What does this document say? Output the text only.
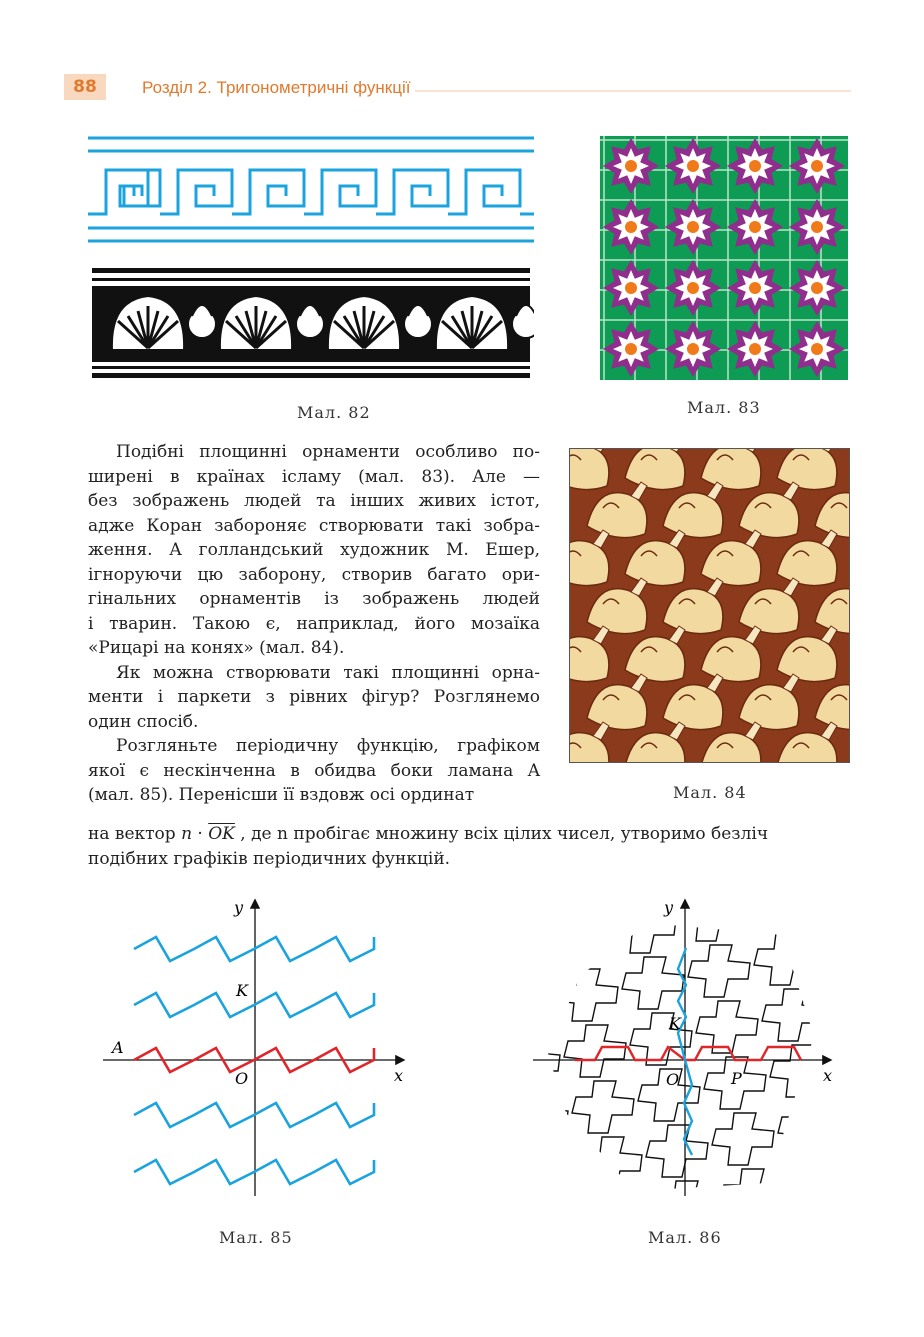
88	Розділ 2. Тригонометричні функції
Мал. 82	Мал. 83
Мал. 84
Подібні площинні орнаменти особливо по-
ширені в країнах ісламу (мал. 83). Але —
без зображень людей та інших живих істот,
адже Коран забороняє створювати такі зобра-
ження. А голландський художник М. Ешер,
ігноруючи цю заборону, створив багато ори-
гінальних орнаментів із зображень людей
і тварин. Такою є, наприклад, його мозаїка
«Рицарі на конях» (мал. 84).
Як можна створювати такі площинні орна-
менти і паркети з рівних фігур? Розглянемо
один спосіб.
Розгляньте періодичну функцію, графіком
якої є нескінченна в обидва боки ламана A
(мал. 85). Перенісши її вздовж осі ординат
на вектор $n \cdot \overline{OK}$ , де n пробігає множину всіх цілих чисел, утворимо безліч
подібних графіків періодичних функцій.
y
x
K
A
O
Мал. 85
y
x
K
O	P
Мал. 86
